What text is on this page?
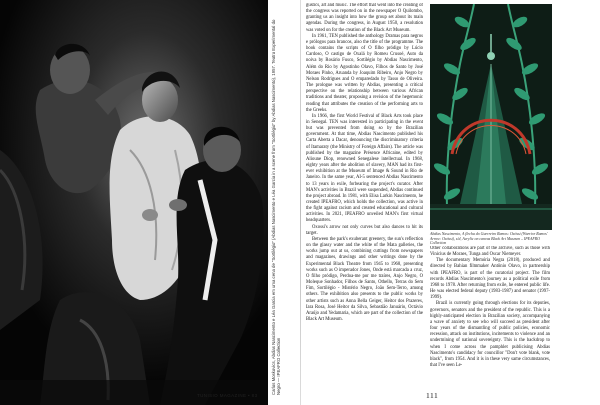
Carlos Moskovics, Abdias Nascimento e Léa Garcia em uma cena de “Sortilégio” (Abdias Nascimento e Léa Garcia in a scene from “Sortilégio” by Abdias Nascimento), 1957. Teatro Experimental do Negro — IPEAFRO Collection
TUNISIO MAGAZINE • 83

gustics, art and music. The effort that went into the creating of the congress was reported on in the newspaper O Quilombo, granting us an insight into how the group set about its main agendas. During the congress, in August 1950, a resolution was voted on for the creation of the Black Art Museum.

In 1961, TEN published the anthology Dramas para negros e prólogos para brancos, also the title of the programme. The book contains the scripts of O filho pródigo by Lúcio Cardoso, O castigo de Oxalá by Romeu Crusoé, Auto da noiva by Rosário Fusco, Sortilégio by Abdias Nascimento, Além do Rio by Agostinho Olavo, Filhos de Santo by José Moraes Pinho, Aruanda by Joaquim Ribeiro, Anjo Negro by Nelson Rodrigues and O emparedado by Tasso de Oliveira. The prologue was written by Abdias, presenting a critical perspective on the relationship between various African traditions and theater, proposing a revision of the hegemonic reading that attributes the creation of the performing arts to the Greeks.

In 1966, the first World Festival of Black Arts took place in Senegal. TEN was interested in participating in the event but was prevented from doing so by the Brazilian government. At that time, Abdias Nascimento published his Carta Aberta a Dacar, denouncing the discriminatory criteria of Itamaraty (the Ministry of Foreign Affairs). The article was published by the magazine Présence Africaine, edited by Alioune Diop, renowned Senegalese intellectual. In 1968, eighty years after the abolition of slavery, MAN had its first-ever exhibition at the Museum of Image & Sound in Rio de Janeiro. In the same year, AI-5 sentenced Abdias Nascimento to 13 years in exile, forbearing the project's curator. After MAN's activities in Brazil were suspended, Abdias continued the project abroad. In 1981, with Elisa Larkin Nascimento, he created IPEAFRO, which holds the collection, was active in the fight against racism and created educational and cultural activities. In 2021, IPEAFRO unveiled MAN's first virtual headquarters.

Oxossi's arrow not only curves but also dances to hit its target.

Between the park's exuberant greenery, the sun's reflection on the glassy water and the white of the Mata galleries, the works jump out at us, combining cuttings from newspapers and magazines, drawings and other writings done by the Experimental Black Theatre from 1945 to 1968, presenting works such as O imperador Jones, Onde está marcada a cruz, O filho pródigo, Perdoa-me por me traíres, Anjo Negro, O Moleque Sonhador, Filhos de Santo, Othello, Terras do Sem Fim, Sortilégio - Mistério Negro, João Sem-Terro, among others. The exhibition also presents to the public works by other artists such as Anna Bella Geiger, Heitor dos Prazeres, Iara Rosa, José Heitor da Silva, Sebastião Januário, Octávio Araújo and Yedamaria, which are part of the collection of the Black Art Museum.

Abdias Nascimento, A flecha do Guerreiro Ramos: Oxóssi (Warrior Ramos' Arrow: Oxóssi), s/d, Acrylic on canvas Black Art Museum – IPEAFRO Collection

Other collaborations are part of the archive, such as those with Vinicius de Moraes, Tunga and Oscar Niemeyer.

The documentary Memória Negra (2018), produced and directed by Bahian filmmaker Antônio Olavo, in partnership with IPEAFRO, is part of the curatorial project. The film records Abdias Nascimento's journey as a political exile from 1968 to 1978. After returning from exile, he entered public life. He was elected federal deputy (1983-1987) and senator (1997-1999).

Brazil is currently going through elections for its deputies, governors, senators and the president of the republic. This is a highly-anticipated election in Brazilian society, accompanying a wave of anxiety to see who will succeed as president after four years of the dismantling of public policies, economic recession, attack on institutions, incitements to violence and an undermining of national sovereignty. This is the backdrop to when I come across the pamphlet publicising Abdias Nascimento's candidacy for councillor "Don't vote blank, vote black", from 1954. And it is in these very same circumstances, that I've seen Le-

111
